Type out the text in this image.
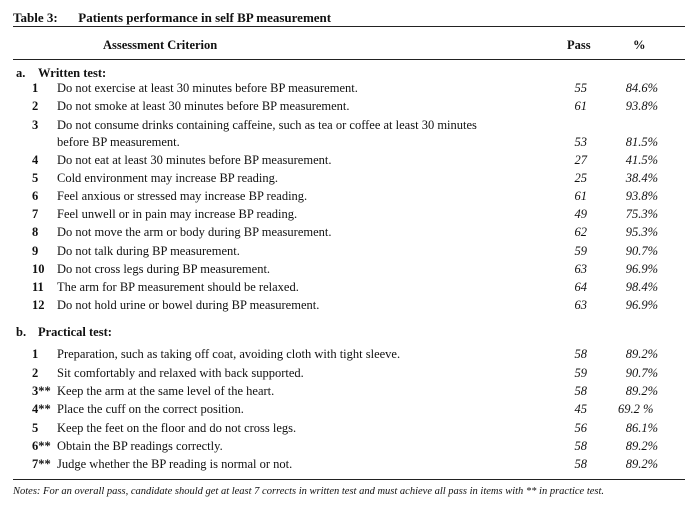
Table 3: Patients performance in self BP measurement
Assessment Criterion	Pass	%
a. Written test:
1 Do not exercise at least 30 minutes before BP measurement.	55	84.6%
2 Do not smoke at least 30 minutes before BP measurement.	61	93.8%
3 Do not consume drinks containing caffeine, such as tea or coffee at least 30 minutes before BP measurement.	53	81.5%
4 Do not eat at least 30 minutes before BP measurement.	27	41.5%
5 Cold environment may increase BP reading.	25	38.4%
6 Feel anxious or stressed may increase BP reading.	61	93.8%
7 Feel unwell or in pain may increase BP reading.	49	75.3%
8 Do not move the arm or body during BP measurement.	62	95.3%
9 Do not talk during BP measurement.	59	90.7%
10 Do not cross legs during BP measurement.	63	96.9%
11 The arm for BP measurement should be relaxed.	64	98.4%
12 Do not hold urine or bowel during BP measurement.	63	96.9%
b. Practical test:
1 Preparation, such as taking off coat, avoiding cloth with tight sleeve.	58	89.2%
2 Sit comfortably and relaxed with back supported.	59	90.7%
3** Keep the arm at the same level of the heart.	58	89.2%
4** Place the cuff on the correct position.	45 69.2 %
5 Keep the feet on the floor and do not cross legs.	56	86.1%
6** Obtain the BP readings correctly.	58	89.2%
7** Judge whether the BP reading is normal or not.	58	89.2%
Notes: For an overall pass, candidate should get at least 7 corrects in written test and must achieve all pass in items with ** in practice test.
